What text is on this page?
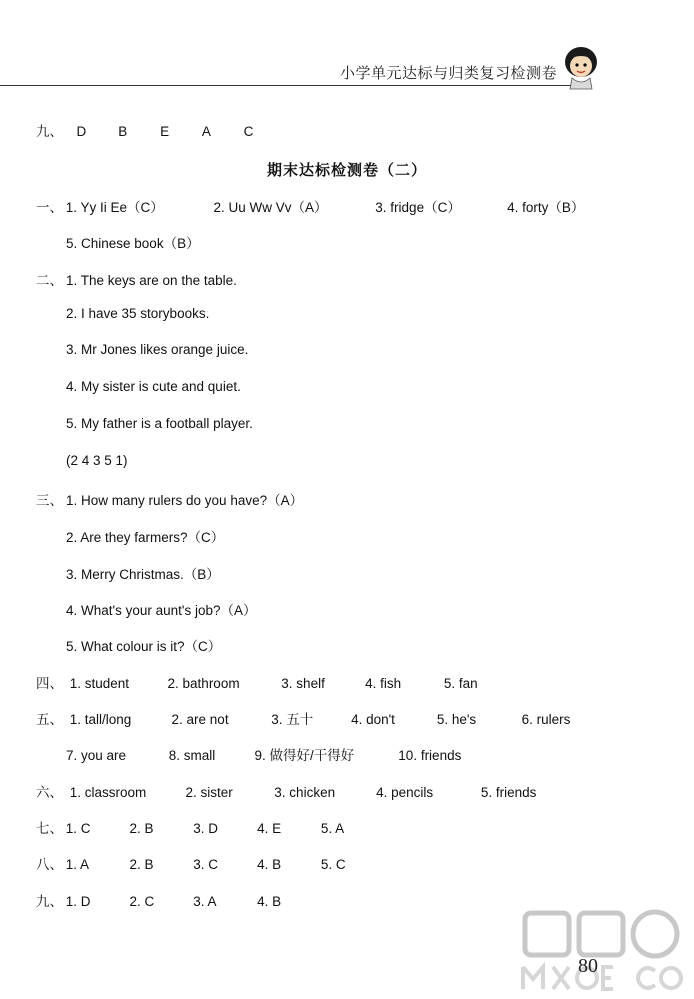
小学单元达标与归类复习检测卷
九、 D B E A C
期末达标检测卷（二）
一、 1. Yy Ii Ee（C）	2. Uu Ww Vv（A）	3. fridge（C）	4. forty（B）
5. Chinese book（B）
二、 1. The keys are on the table.
2. I have 35 storybooks.
3. Mr Jones likes orange juice.
4. My sister is cute and quiet.
5. My father is a football player.
(2 4 3 5 1)
三、 1. How many rulers do you have?（A）
2. Are they farmers?（C）
3. Merry Christmas.（B）
4. What's your aunt's job?（A）
5. What colour is it?（C）
四、 1. student	2. bathroom	3. shelf	4. fish	5. fan
五、 1. tall/long	2. are not	3. 五十	4. don't	5. he's	6. rulers
7. you are	8. small	9. 做得好/干得好	10. friends
六、 1. classroom	2. sister	3. chicken	4. pencils	5. friends
七、 1. C	2. B	3. D	4. E	5. A
八、 1. A	2. B	3. C	4. B	5. C
九、 1. D	2. C	3. A	4. B
80
